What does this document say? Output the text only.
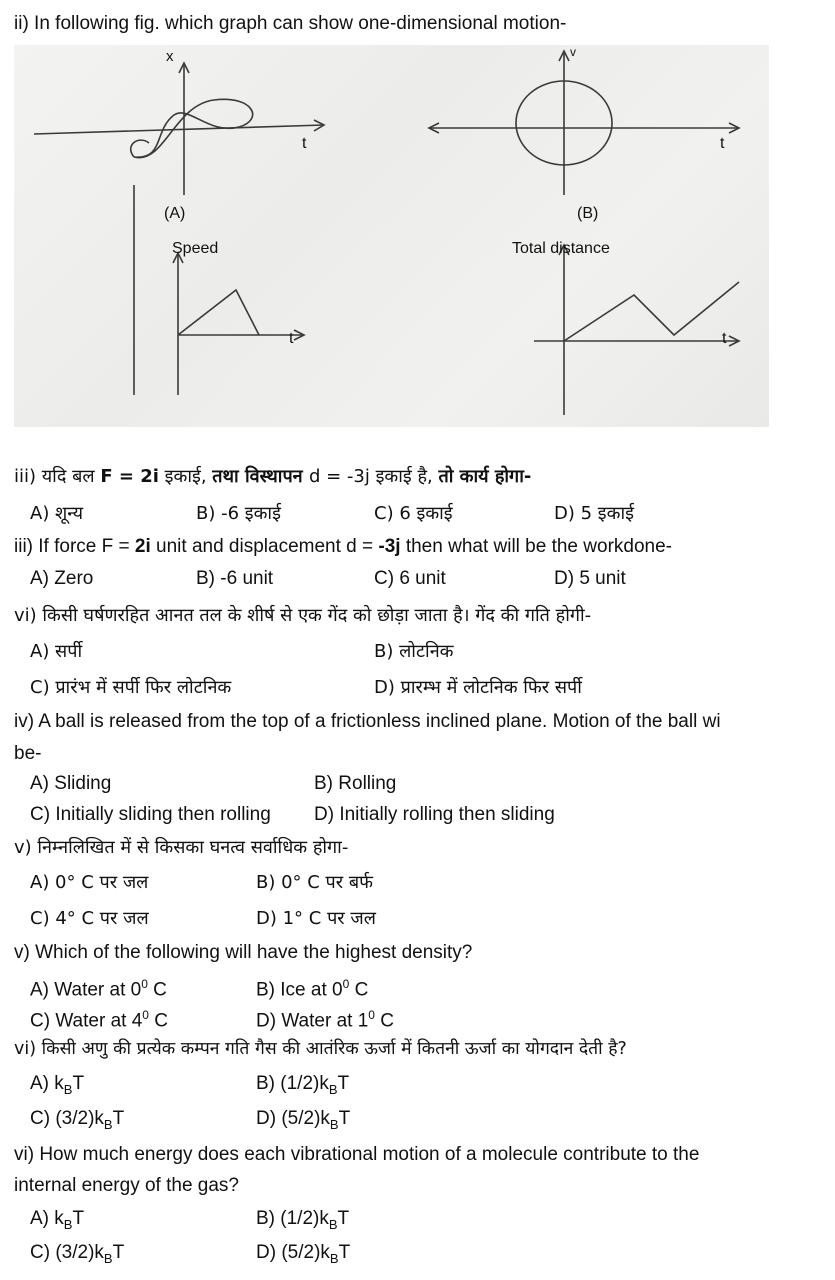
ii) In following fig. which graph can show one-dimensional motion-
x
t
(A)
v
t
(B)
Speed
t
Total distance
t
iii) यदि बल F = 2i इकाई, तथा विस्थापन d = -3j इकाई है, तो कार्य होगा-
A) शून्य	B) -6 इकाई	C) 6 इकाई	D) 5 इकाई
iii) If force F = 2i unit and displacement d = -3j then what will be the workdone-
A) Zero	B) -6 unit	C) 6 unit	D) 5 unit
vi) किसी घर्षणरहित आनत तल के शीर्ष से एक गेंद को छोड़ा जाता है। गेंद की गति होगी-
A) सर्पी	B) लोटनिक
C) प्रारंभ में सर्पी फिर लोटनिक	D) प्रारम्भ में लोटनिक फिर सर्पी
iv) A ball is released from the top of a frictionless inclined plane. Motion of the ball wi
be-
A) Sliding	B) Rolling
C) Initially sliding then rolling D) Initially rolling then sliding
v) निम्नलिखित में से किसका घनत्व सर्वाधिक होगा-
A) 0° C पर जल	B) 0° C पर बर्फ
C) 4° C पर जल	D) 1° C पर जल
v) Which of the following will have the highest density?
A) Water at $0^0$ C	B) Ice at $0^0$ C
C) Water at $4^0$ C	D) Water at $1^0$ C
vi) किसी अणु की प्रत्येक कम्पन गति गैस की आतंरिक ऊर्जा में कितनी ऊर्जा का योगदान देती है?
A) $k_BT$	B) $(1/2)k_BT$
C) $(3/2)k_BT$	D) $(5/2)k_BT$
vi) How much energy does each vibrational motion of a molecule contribute to the
internal energy of the gas?
A) $k_BT$	B) $(1/2)k_BT$
C) $(3/2)k_BT$	D) $(5/2)k_BT$
